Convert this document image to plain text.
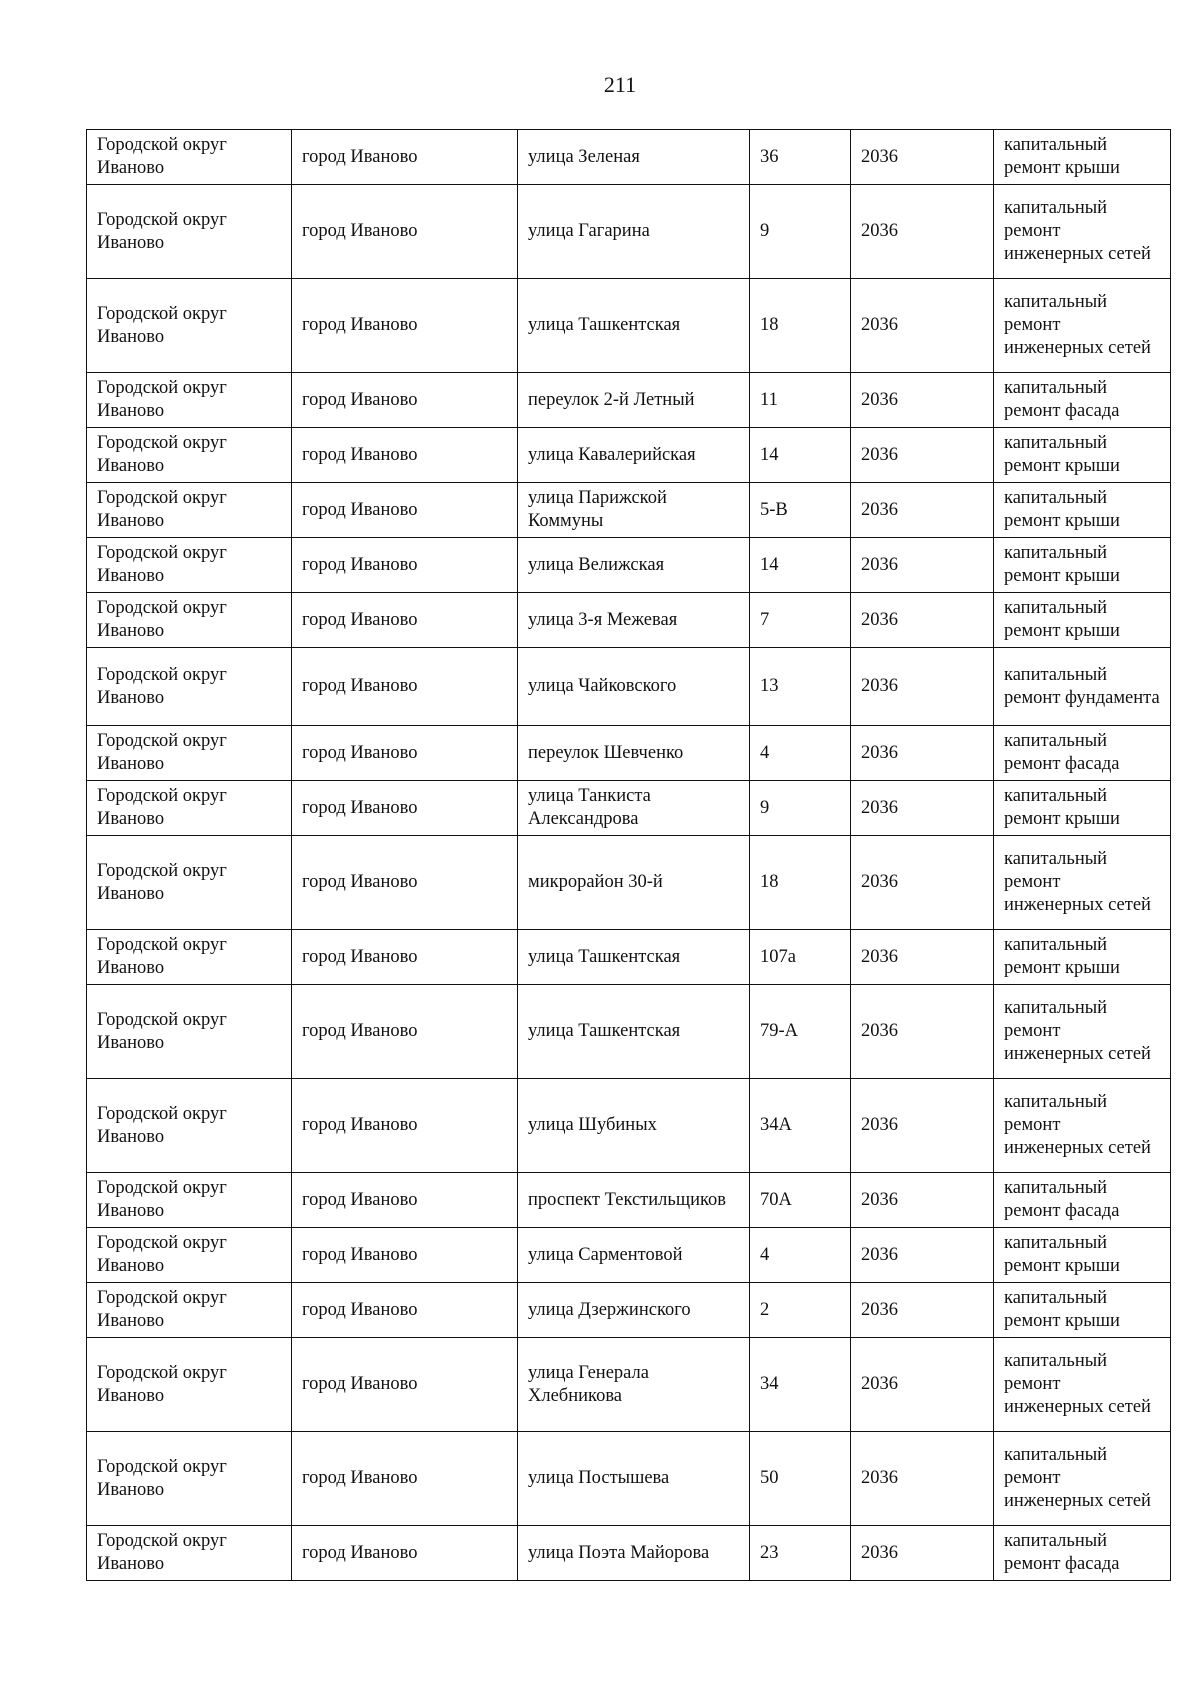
211
Городской округ Иваново	город Иваново	улица Зеленая	36	2036	капитальный ремонт крыши
Городской округ Иваново	город Иваново	улица Гагарина	9	2036	капитальный ремонт инженерных сетей
Городской округ Иваново	город Иваново	улица Ташкентская	18	2036	капитальный ремонт инженерных сетей
Городской округ Иваново	город Иваново	переулок 2-й Летный	11	2036	капитальный ремонт фасада
Городской округ Иваново	город Иваново	улица Кавалерийская	14	2036	капитальный ремонт крыши
Городской округ Иваново	город Иваново	улица Парижской Коммуны	5-В	2036	капитальный ремонт крыши
Городской округ Иваново	город Иваново	улица Велижская	14	2036	капитальный ремонт крыши
Городской округ Иваново	город Иваново	улица 3-я Межевая	7	2036	капитальный ремонт крыши
Городской округ Иваново	город Иваново	улица Чайковского	13	2036	капитальный ремонт фундамента
Городской округ Иваново	город Иваново	переулок Шевченко	4	2036	капитальный ремонт фасада
Городской округ Иваново	город Иваново	улица Танкиста Александрова	9	2036	капитальный ремонт крыши
Городской округ Иваново	город Иваново	микрорайон 30-й	18	2036	капитальный ремонт инженерных сетей
Городской округ Иваново	город Иваново	улица Ташкентская	107а	2036	капитальный ремонт крыши
Городской округ Иваново	город Иваново	улица Ташкентская	79-А	2036	капитальный ремонт инженерных сетей
Городской округ Иваново	город Иваново	улица Шубиных	34А	2036	капитальный ремонт инженерных сетей
Городской округ Иваново	город Иваново	проспект Текстильщиков	70А	2036	капитальный ремонт фасада
Городской округ Иваново	город Иваново	улица Сарментовой	4	2036	капитальный ремонт крыши
Городской округ Иваново	город Иваново	улица Дзержинского	2	2036	капитальный ремонт крыши
Городской округ Иваново	город Иваново	улица Генерала Хлебникова	34	2036	капитальный ремонт инженерных сетей
Городской округ Иваново	город Иваново	улица Постышева	50	2036	капитальный ремонт инженерных сетей
Городской округ Иваново	город Иваново	улица Поэта Майорова	23	2036	капитальный ремонт фасада
